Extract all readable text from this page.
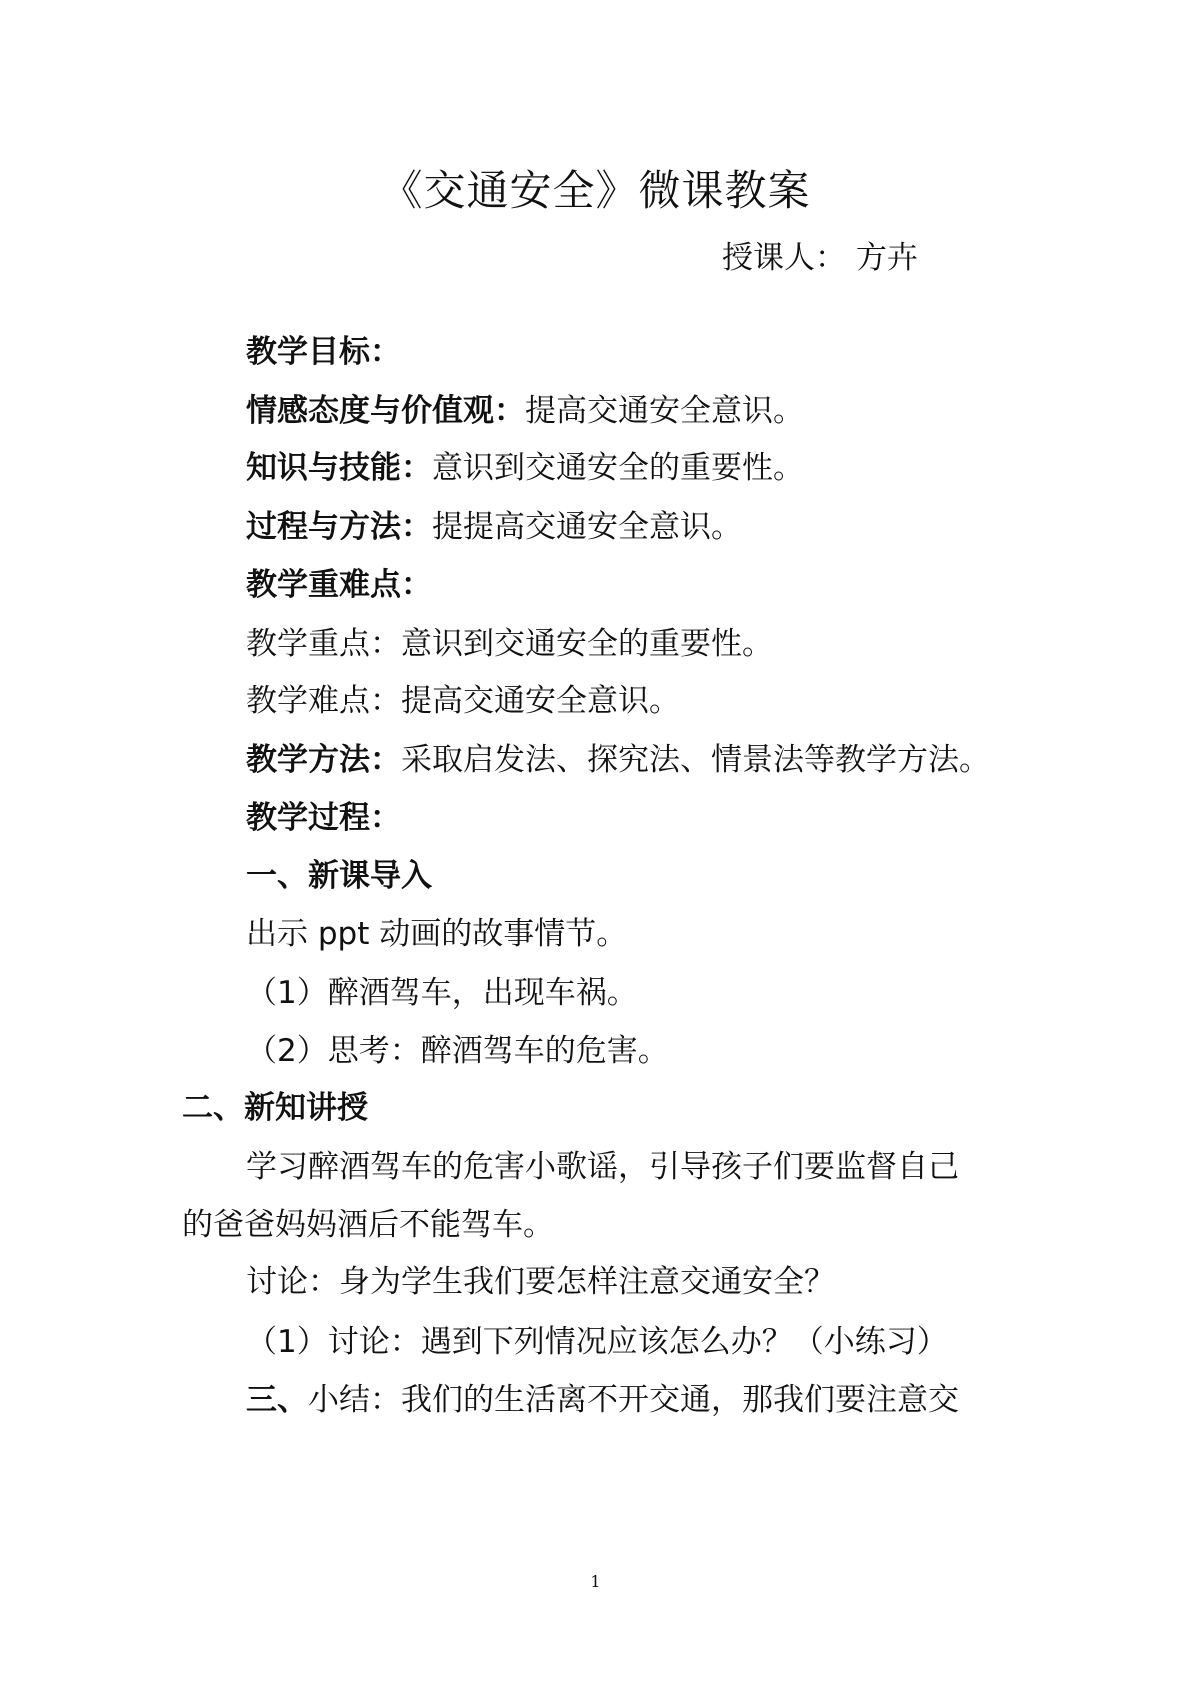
《交通安全》微课教案
授课人： 方卉
教学目标：
情感态度与价值观：提高交通安全意识。
知识与技能：意识到交通安全的重要性。
过程与方法：提提高交通安全意识。
教学重难点：
教学重点：意识到交通安全的重要性。
教学难点：提高交通安全意识。
教学方法：采取启发法、探究法、情景法等教学方法。
教学过程：
一、新课导入
出示 ppt 动画的故事情节。
（1）醉酒驾车，出现车祸。
（2）思考：醉酒驾车的危害。
二、新知讲授
学习醉酒驾车的危害小歌谣，引导孩子们要监督自己
的爸爸妈妈酒后不能驾车。
讨论：身为学生我们要怎样注意交通安全？
（1）讨论：遇到下列情况应该怎么办？（小练习）
三、小结：我们的生活离不开交通，那我们要注意交
1
